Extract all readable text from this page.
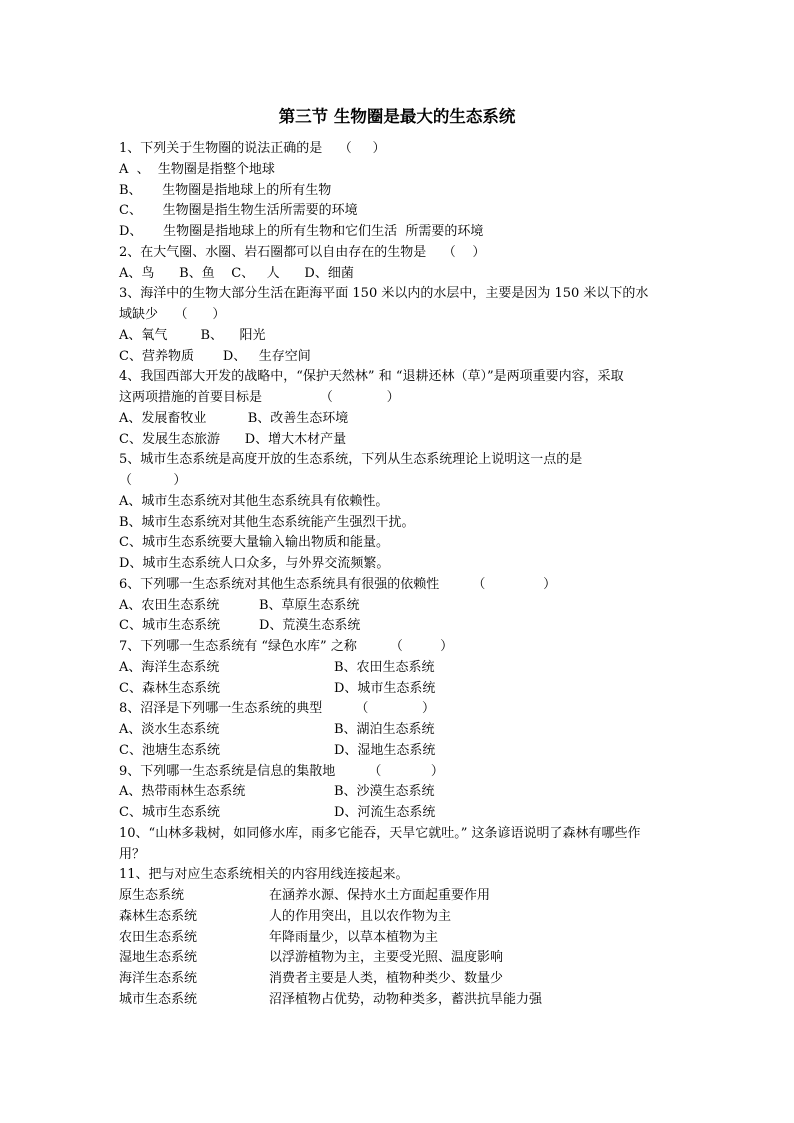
第三节 生物圈是最大的生态系统
1、下列关于生物圈的说法正确的是    （     ）
A  、  生物圈是指整个地球
B、     生物圈是指地球上的所有生物
C、     生物圈是指生物生活所需要的环境
D、     生物圈是指地球上的所有生物和它们生活  所需要的环境
2、在大气圈、水圈、岩石圈都可以自由存在的生物是    （    ）
A、鸟      B、鱼    C、   人      D、细菌
3、海洋中的生物大部分生活在距海平面 150 米以内的水层中，主要是因为 150 米以下的水
域缺少    （      ）
A、氧气        B、    阳光
C、营养物质       D、   生存空间
4、我国西部大开发的战略中，“保护天然林” 和 “退耕还林（草）”是两项重要内容，采取
这两项措施的首要目标是              （             ）
A、发展畜牧业          B、改善生态环境
C、发展生态旅游      D、增大木材产量
5、城市生态系统是高度开放的生态系统，下列从生态系统理论上说明这一点的是
（          ）
A、城市生态系统对其他生态系统具有依赖性。
B、城市生态系统对其他生态系统能产生强烈干扰。
C、城市生态系统要大量输入输出物质和能量。
D、城市生态系统人口众多，与外界交流频繁。
6、下列哪一生态系统对其他生态系统具有很强的依赖性        （              ）
A、农田生态系统	B、草原生态系统
C、城市生态系统	D、荒漠生态系统
7、下列哪一生态系统有 “绿色水库” 之称        （         ）
A、海洋生态系统	B、农田生态系统
C、森林生态系统	D、城市生态系统
8、沼泽是下列哪一生态系统的典型        （             ）
A、淡水生态系统	B、湖泊生态系统
C、池塘生态系统	D、湿地生态系统
9、下列哪一生态系统是信息的集散地        （            ）
A、热带雨林生态系统	B、沙漠生态系统
C、城市生态系统	D、河流生态系统
10、“山林多栽树，如同修水库，雨多它能吞，天旱它就吐。” 这条谚语说明了森林有哪些作
用？
11、把与对应生态系统相关的内容用线连接起来。
原生态系统	在涵养水源、保持水土方面起重要作用
森林生态系统	人的作用突出，且以农作物为主
农田生态系统	年降雨量少，以草本植物为主
湿地生态系统	以浮游植物为主，主要受光照、温度影响
海洋生态系统	消费者主要是人类，植物种类少、数量少
城市生态系统	沼泽植物占优势，动物种类多，蓄洪抗旱能力强
